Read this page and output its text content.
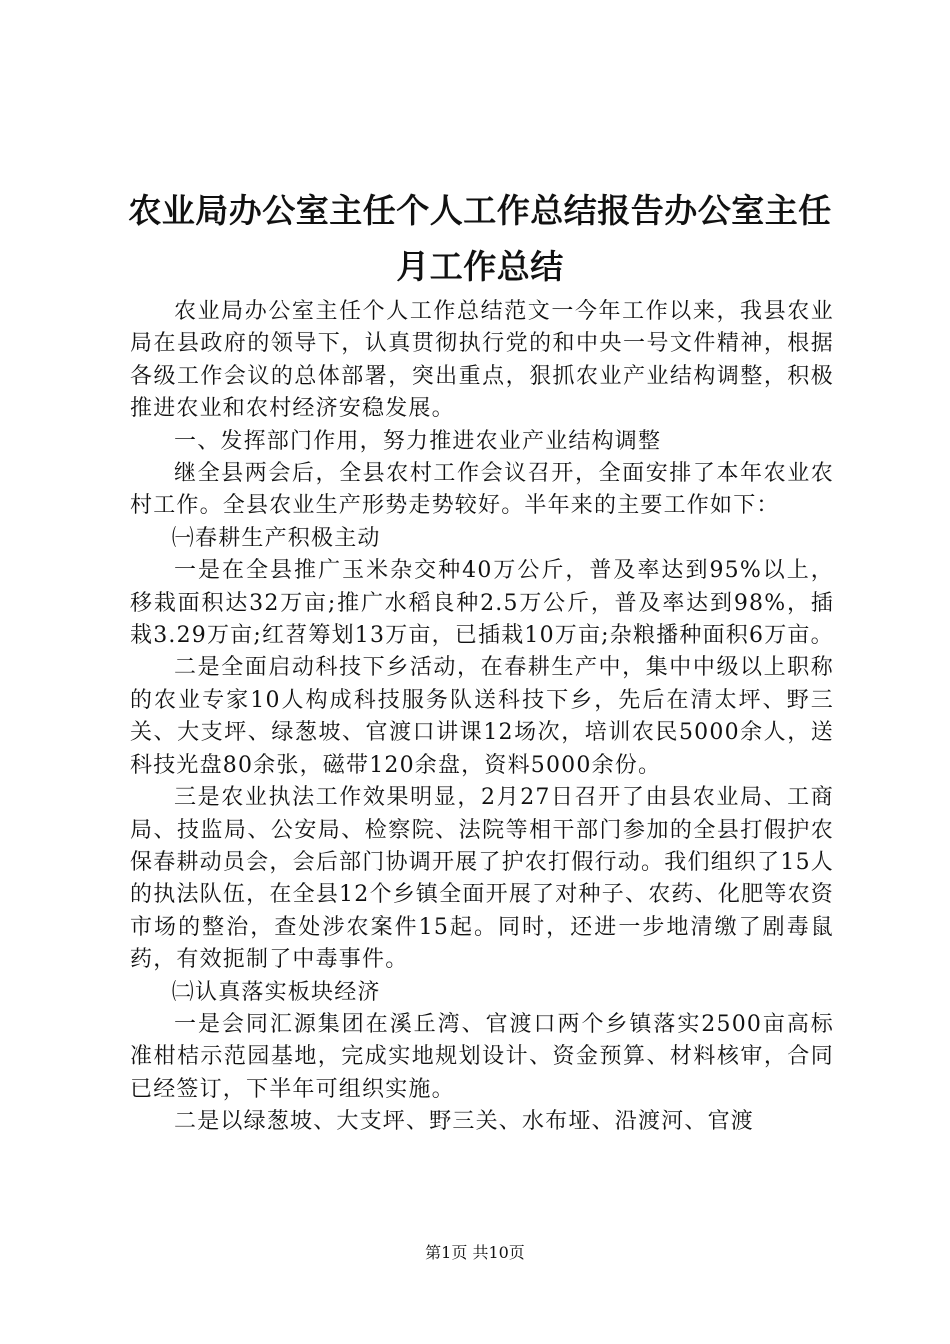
农业局办公室主任个人工作总结报告办公室主任月工作总结

农业局办公室主任个人工作总结范文一今年工作以来，我县农业局在县政府的领导下，认真贯彻执行党的和中央一号文件精神，根据各级工作会议的总体部署，突出重点，狠抓农业产业结构调整，积极推进农业和农村经济安稳发展。

一、发挥部门作用，努力推进农业产业结构调整

继全县两会后，全县农村工作会议召开，全面安排了本年农业农村工作。全县农业生产形势走势较好。半年来的主要工作如下：

㈠春耕生产积极主动

一是在全县推广玉米杂交种40万公斤，普及率达到95%以上，移栽面积达32万亩;推广水稻良种2.5万公斤，普及率达到98%，插栽3.29万亩;红苕筹划13万亩，已插栽10万亩;杂粮播种面积6万亩。

二是全面启动科技下乡活动，在春耕生产中，集中中级以上职称的农业专家10人构成科技服务队送科技下乡，先后在清太坪、野三关、大支坪、绿葱坡、官渡口讲课12场次，培训农民5000余人，送科技光盘80余张，磁带120余盘，资料5000余份。

三是农业执法工作效果明显，2月27日召开了由县农业局、工商局、技监局、公安局、检察院、法院等相干部门参加的全县打假护农保春耕动员会，会后部门协调开展了护农打假行动。我们组织了15人的执法队伍，在全县12个乡镇全面开展了对种子、农药、化肥等农资市场的整治，查处涉农案件15起。同时，还进一步地清缴了剧毒鼠药，有效扼制了中毒事件。

㈡认真落实板块经济

一是会同汇源集团在溪丘湾、官渡口两个乡镇落实2500亩高标准柑桔示范园基地，完成实地规划设计、资金预算、材料核审，合同已经签订，下半年可组织实施。

二是以绿葱坡、大支坪、野三关、水布垭、沿渡河、官渡

第1页 共10页
